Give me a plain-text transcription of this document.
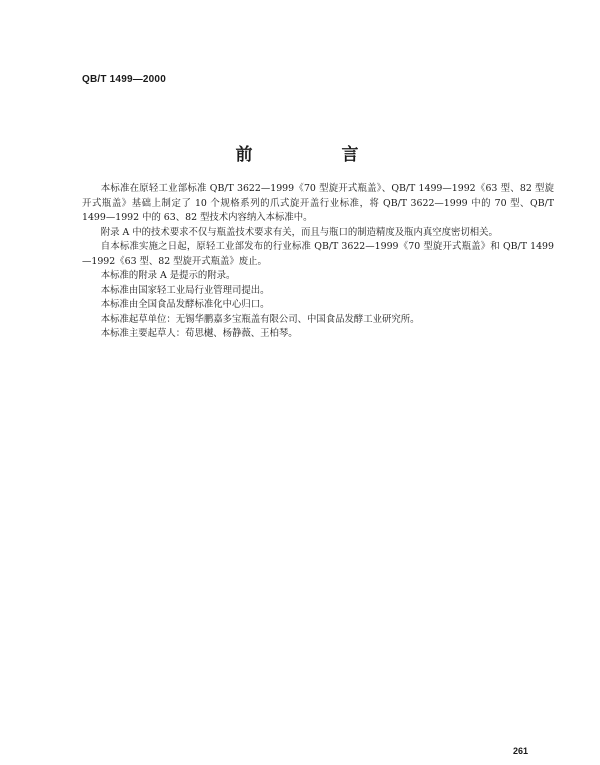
QB/T 1499—2000
前　言

本标准在原轻工业部标准 QB/T 3622—1999《70 型旋开式瓶盖》、QB/T 1499—1992《63 型、82 型旋开式瓶盖》基础上制定了 10 个规格系列的爪式旋开盖行业标准，将 QB/T 3622—1999 中的 70 型、QB/T 1499—1992 中的 63、82 型技术内容纳入本标准中。

附录 A 中的技术要求不仅与瓶盖技术要求有关，而且与瓶口的制造精度及瓶内真空度密切相关。

自本标准实施之日起，原轻工业部发布的行业标准 QB/T 3622—1999《70 型旋开式瓶盖》和 QB/T 1499—1992《63 型、82 型旋开式瓶盖》废止。

本标准的附录 A 是提示的附录。

本标准由国家轻工业局行业管理司提出。

本标准由全国食品发酵标准化中心归口。

本标准起草单位：无锡华鹏嘉多宝瓶盖有限公司、中国食品发酵工业研究所。

本标准主要起草人：荀思樾、杨静薇、王柏琴。

261
